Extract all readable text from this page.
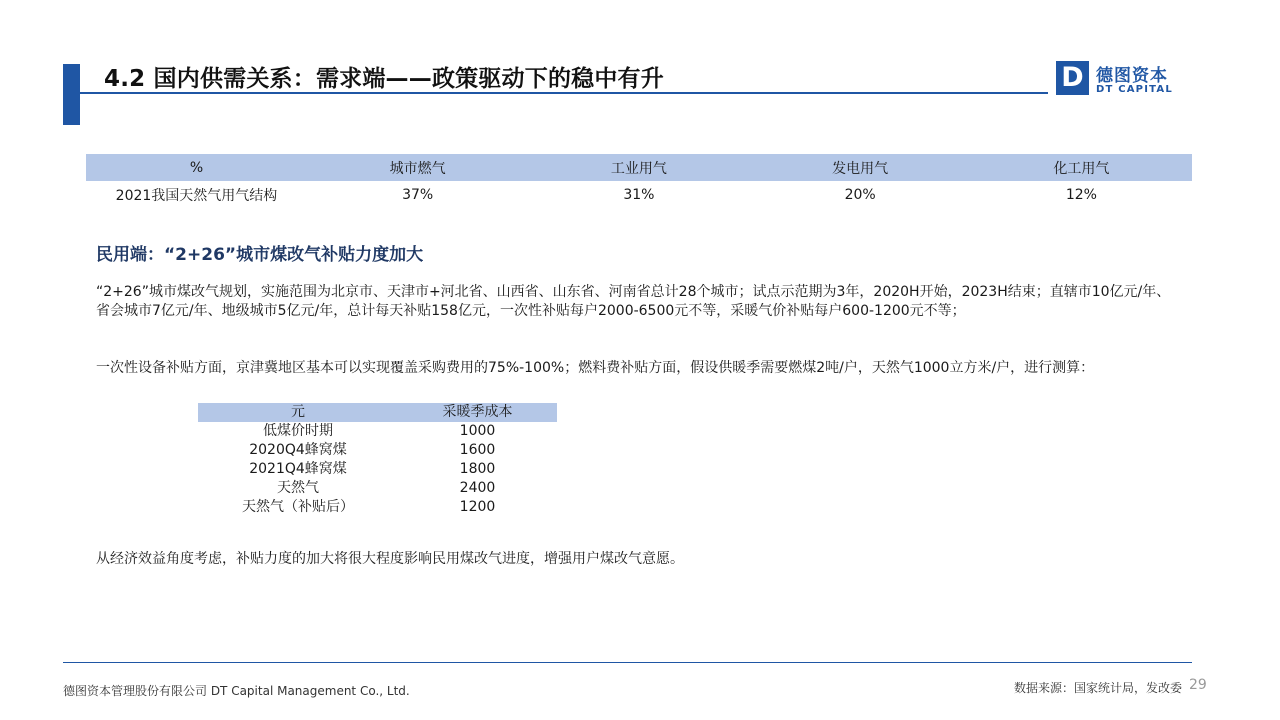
4.2 国内供需关系：需求端——政策驱动下的稳中有升	D 德图资本
DT CAPITAL
%	城市燃气	工业用气	发电用气	化工用气
2021我国天然气用气结构	37%	31%	20%	12%
民用端：“2+26”城市煤改气补贴力度加大

“2+26”城市煤改气规划，实施范围为北京市、天津市+河北省、山西省、山东省、河南省总计28个城市；试点示范期为3年，2020H开始，2023H结束；直辖市10亿元/年、省会城市7亿元/年、地级城市5亿元/年，总计每天补贴158亿元，一次性补贴每户2000-6500元不等，采暖气价补贴每户600-1200元不等；

一次性设备补贴方面，京津冀地区基本可以实现覆盖采购费用的75%-100%；燃料费补贴方面，假设供暖季需要燃煤2吨/户，天然气1000立方米/户，进行测算：

元	采暖季成本
低煤价时期	1000
2020Q4蜂窝煤	1600
2021Q4蜂窝煤	1800
天然气	2400
天然气（补贴后）	1200

从经济效益角度考虑，补贴力度的加大将很大程度影响民用煤改气进度，增强用户煤改气意愿。

德图资本管理股份有限公司 DT Capital Management Co., Ltd.	数据来源：国家统计局，发改委 29
